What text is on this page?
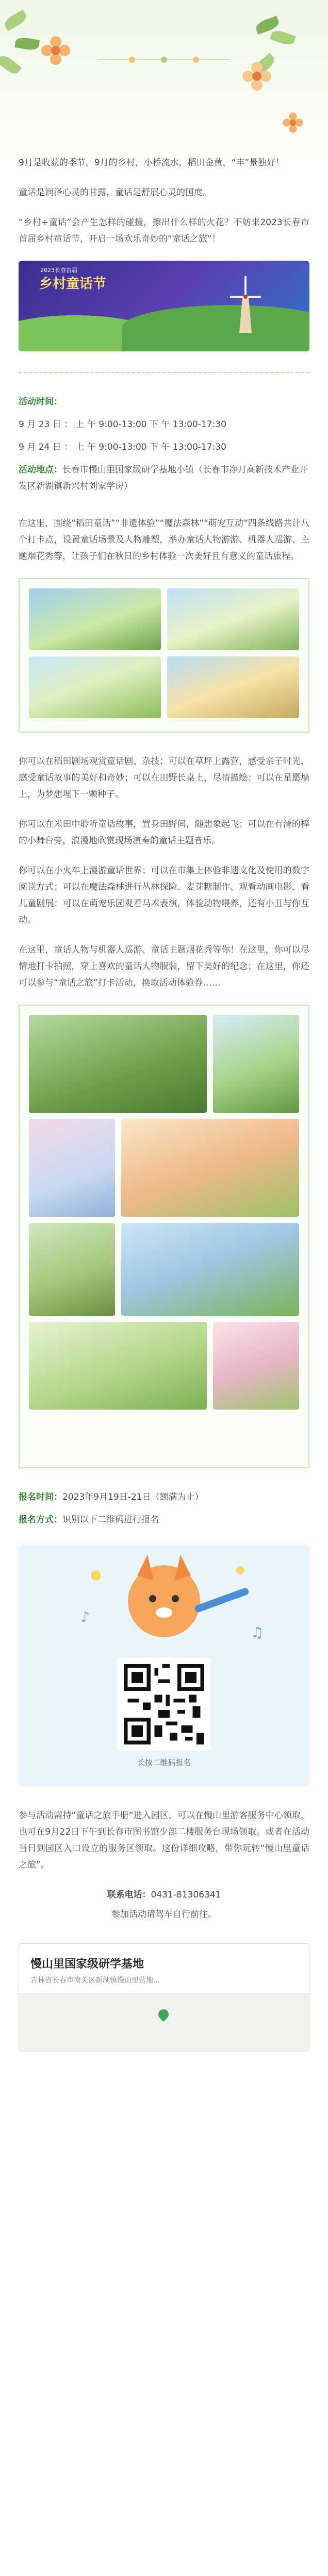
9月是收获的季节，9月的乡村，小桥流水，稻田金黄，“丰”景独好！

童话是润泽心灵的甘露，童话是舒展心灵的国度。

“乡村+童话”会产生怎样的碰撞，擦出什么样的火花？不妨来2023长春市首届乡村童话节，开启一场欢乐奇妙的“童话之旅”！

2023长春首届
乡村童话节

活动时间：

9 月 23 日 ： 上 午 9:00-13:00 下 午 13:00-17:30

9 月 24 日 ： 上 午 9:00-13:00 下 午 13:00-17:30

活动地点：长春市慢山里国家级研学基地小镇（长春市净月高新技术产业开发区新湖镇新兴村刘家学房）

在这里，围绕“稻田童话”“非遗体验”“魔法森林”“萌宠互动”四条线路共计八个打卡点，设置童话场景及人物雕塑，举办童话人物游游、机器人巡游、主题烟花秀等，让孩子们在秋日的乡村体验一次美好且有意义的童话旅程。

你可以在稻田剧场观赏童话剧、杂技；可以在草坪上露营，感受亲子时光，感受童话故事的美好和奇妙；可以在田野长桌上，尽情描绘；可以在星愿墙上，为梦想埋下一颗种子。

你可以在米田中聆听童话故事，置身田野间，随想象起飞；可以在有滑的棒的小舞台旁，浪漫地欣赏现场演奏的童话主题音乐。

你可以在小火车上漫游童话世界；可以在市集上体验非遗文化及使用的数字阅读方式；可以在魔法森林进行丛林探险、麦芽糖制作、观看动画电影、看儿童剧展；可以在萌宠乐园观看马术表演，体验动物喂养，还有小丑与你互动。

在这里，童话人物与机器人巡游、童话主题烟花秀等你！在这里，你可以尽情地打卡拍照，穿上喜欢的童话人物服装，留下美好的纪念；在这里，你还可以参与“童话之旅”打卡活动，换取活动体验券……

报名时间：2023年9月19日-21日（额满为止）

报名方式：识别以下二维码进行报名

♪
♫
长按二维码报名

参与活动需持“童话之旅手册”进入园区，可以在慢山里游客服务中心领取，也可在9月22日下午到长春市图书馆少部二楼服务台现场领取。或者在活动当日到园区入口设立的服务区领取。这份详细攻略，带你玩转“慢山里童话之旅”。

联系电话：0431-81306341

参加活动请驾车自行前往。

慢山里国家级研学基地
吉林省长春市南关区新湖镇慢山里营地...
